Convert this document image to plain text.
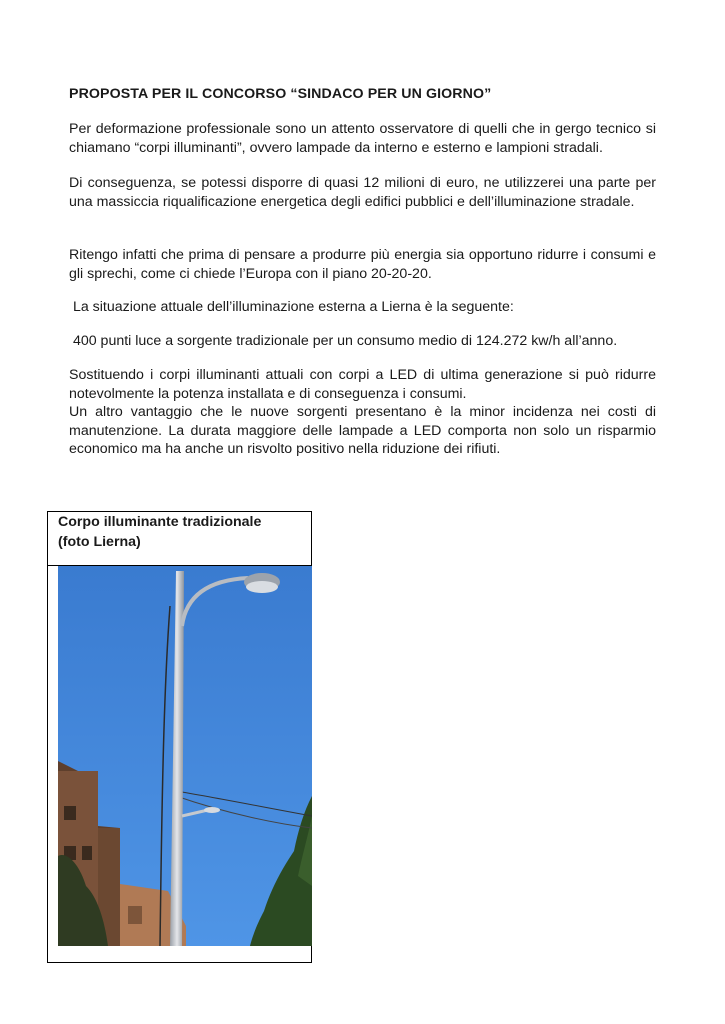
PROPOSTA PER IL CONCORSO “SINDACO PER UN GIORNO”
Per deformazione professionale sono un attento osservatore di quelli che in gergo tecnico si chiamano “corpi illuminanti”, ovvero lampade da interno e esterno e lampioni stradali.
Di conseguenza, se potessi disporre di quasi 12 milioni di euro, ne utilizzerei una parte per una massiccia riqualificazione energetica degli edifici pubblici e dell’illuminazione stradale.
Ritengo infatti che prima di pensare a produrre più energia sia opportuno ridurre i consumi e gli sprechi, come ci chiede l’Europa con il piano 20-20-20.
La situazione attuale dell’illuminazione esterna a Lierna è la seguente:
400 punti luce a sorgente tradizionale per un consumo medio di 124.272 kw/h all’anno.
Sostituendo i corpi illuminanti attuali con corpi a LED di ultima generazione si può ridurre notevolmente la potenza installata e di conseguenza i consumi.
Un altro vantaggio che le nuove sorgenti presentano è la minor incidenza nei costi di manutenzione. La durata maggiore delle lampade a LED comporta non solo un risparmio economico ma ha anche un risvolto positivo nella riduzione dei rifiuti.
Corpo illuminante tradizionale
(foto Lierna)
